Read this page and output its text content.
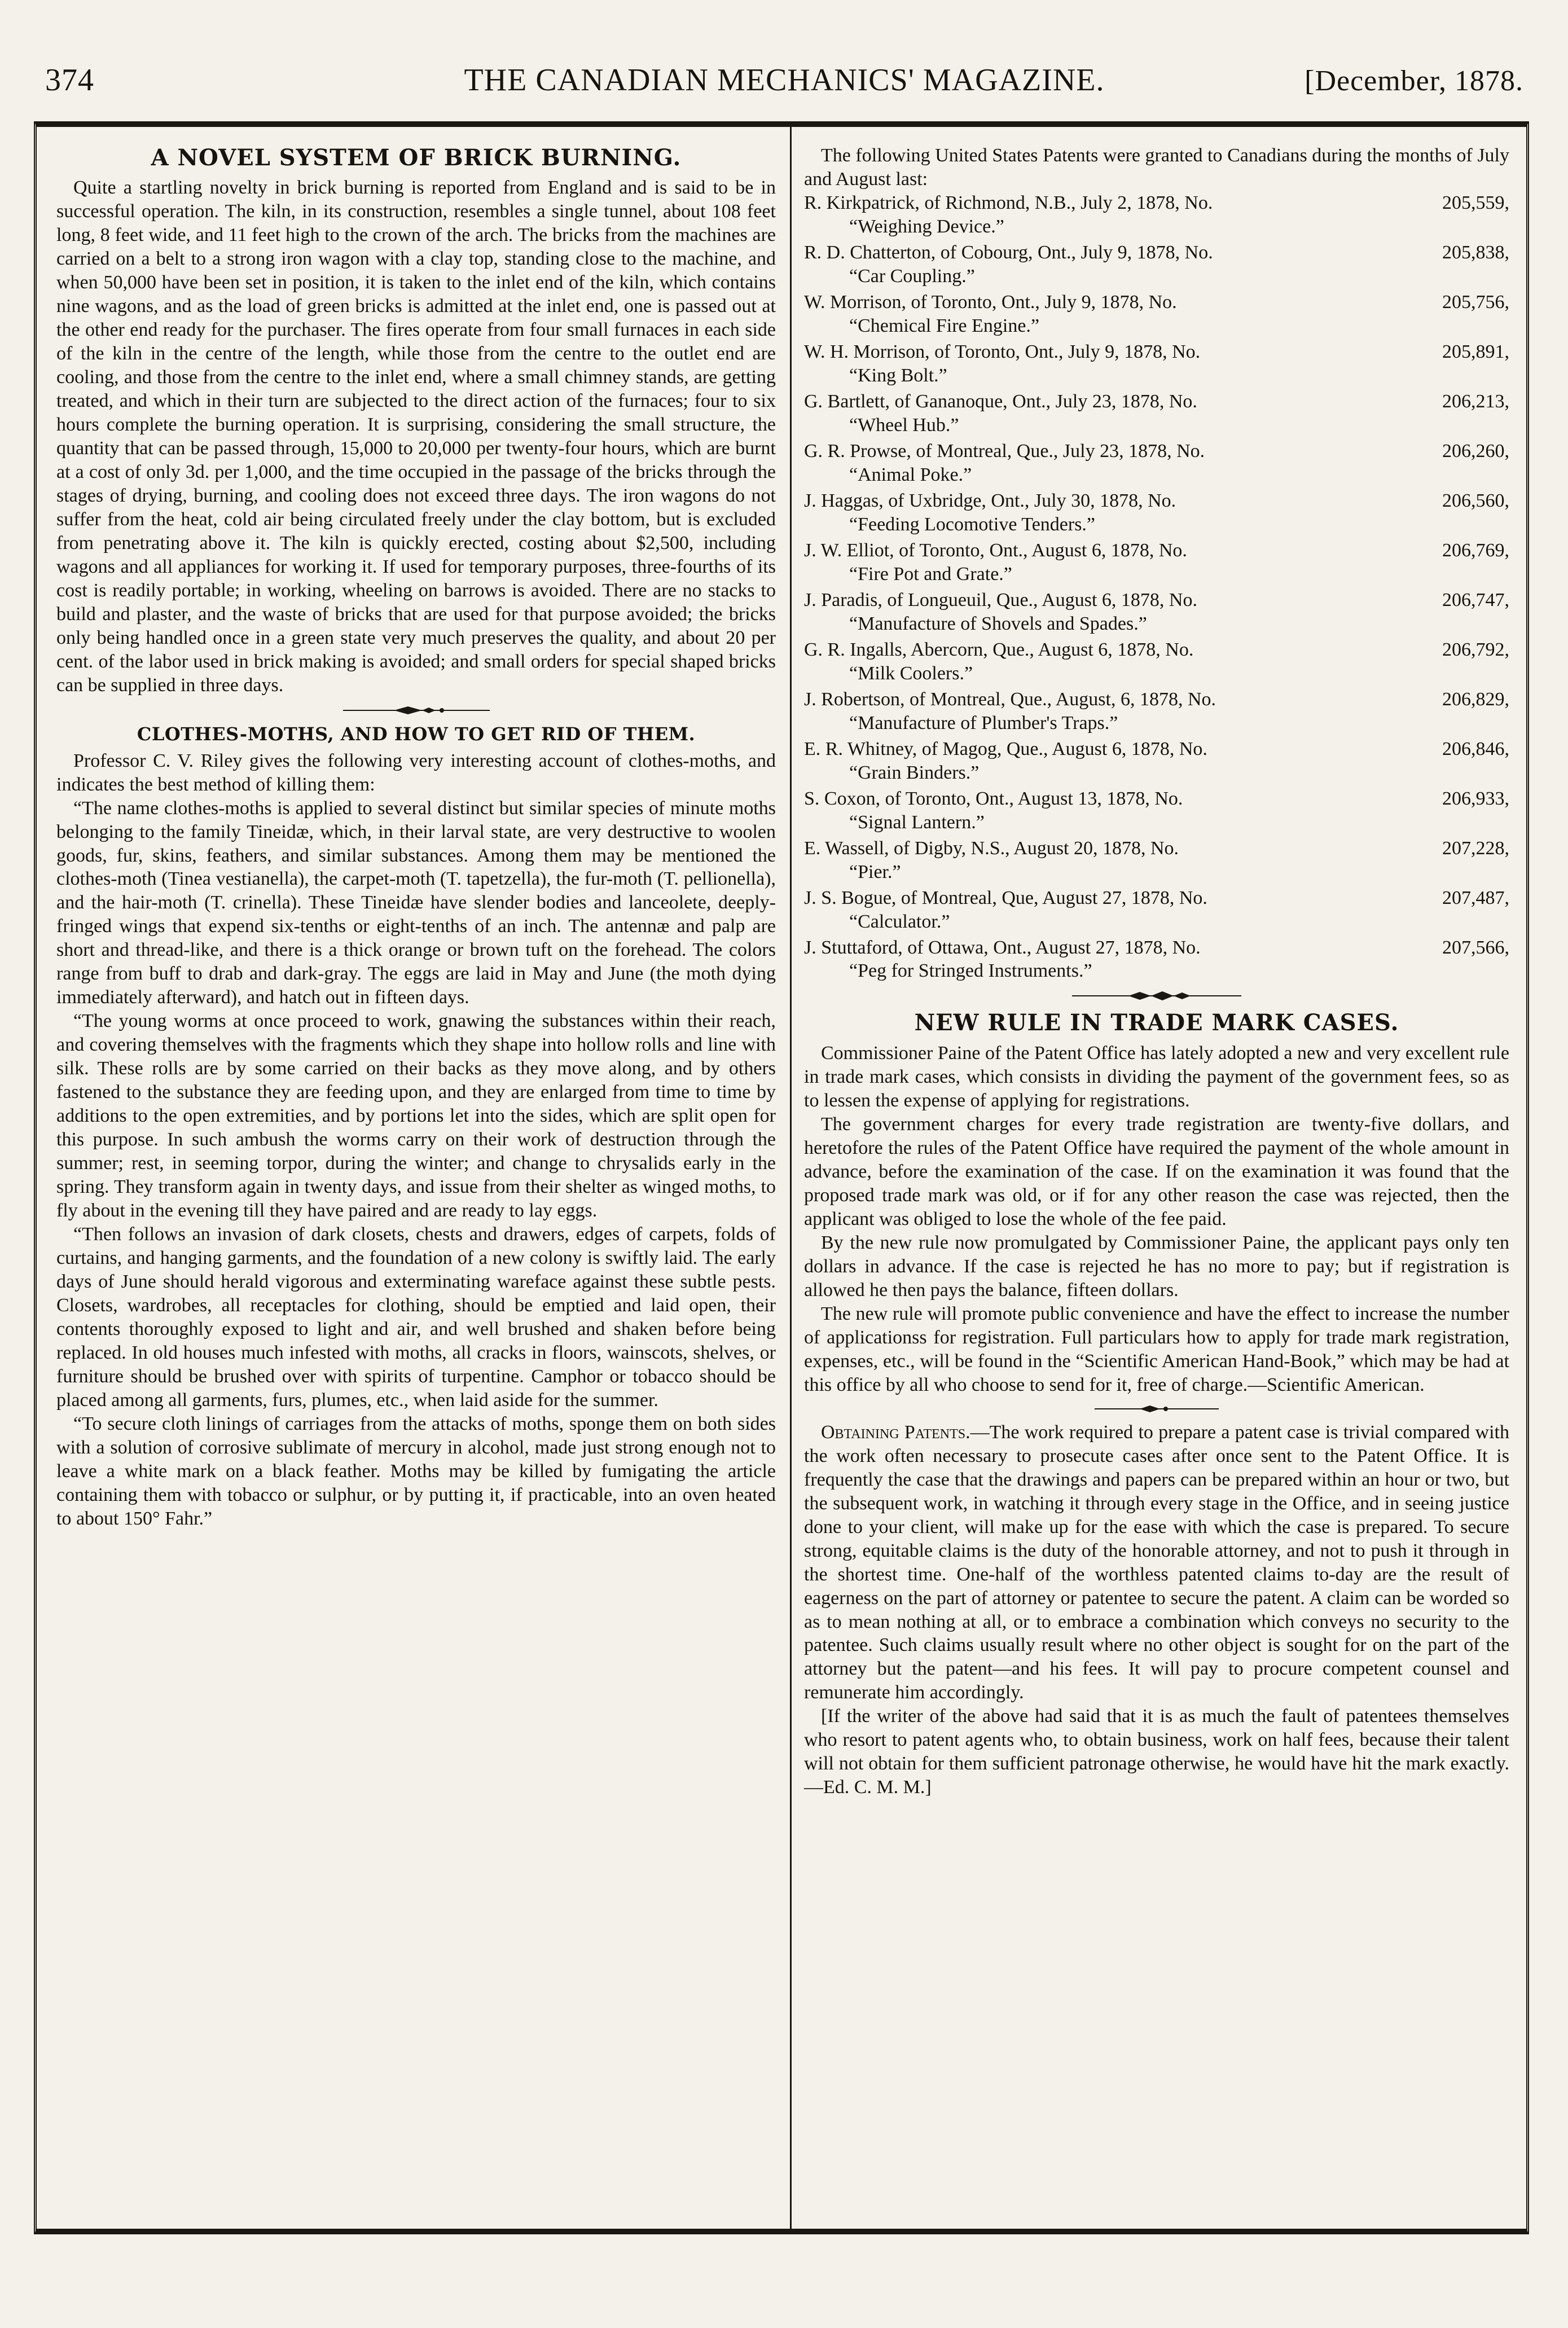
374	THE CANADIAN MECHANICS' MAGAZINE.	[December, 1878.
A NOVEL SYSTEM OF BRICK BURNING.

Quite a startling novelty in brick burning is reported from England and is said to be in successful operation. The kiln, in its construction, resembles a single tunnel, about 108 feet long, 8 feet wide, and 11 feet high to the crown of the arch. The bricks from the machines are carried on a belt to a strong iron wagon with a clay top, standing close to the machine, and when 50,000 have been set in position, it is taken to the inlet end of the kiln, which contains nine wagons, and as the load of green bricks is admitted at the inlet end, one is passed out at the other end ready for the purchaser. The fires operate from four small furnaces in each side of the kiln in the centre of the length, while those from the centre to the outlet end are cooling, and those from the centre to the inlet end, where a small chimney stands, are getting treated, and which in their turn are subjected to the direct action of the furnaces; four to six hours complete the burning operation. It is surprising, considering the small structure, the quantity that can be passed through, 15,000 to 20,000 per twenty-four hours, which are burnt at a cost of only 3d. per 1,000, and the time occupied in the passage of the bricks through the stages of drying, burning, and cooling does not exceed three days. The iron wagons do not suffer from the heat, cold air being circulated freely under the clay bottom, but is excluded from penetrating above it. The kiln is quickly erected, costing about $2,500, including wagons and all appliances for working it. If used for temporary purposes, three-fourths of its cost is readily portable; in working, wheeling on barrows is avoided. There are no stacks to build and plaster, and the waste of bricks that are used for that purpose avoided; the bricks only being handled once in a green state very much preserves the quality, and about 20 per cent. of the labor used in brick making is avoided; and small orders for special shaped bricks can be supplied in three days.

CLOTHES-MOTHS, AND HOW TO GET RID OF THEM.

Professor C. V. Riley gives the following very interesting account of clothes-moths, and indicates the best method of killing them:

“The name clothes-moths is applied to several distinct but similar species of minute moths belonging to the family Tineidæ, which, in their larval state, are very destructive to woolen goods, fur, skins, feathers, and similar substances. Among them may be mentioned the clothes-moth (Tinea vestianella), the carpet-moth (T. tapetzella), the fur-moth (T. pellionella), and the hair-moth (T. crinella). These Tineidæ have slender bodies and lanceolete, deeply-fringed wings that expend six-tenths or eight-tenths of an inch. The antennæ and palp are short and thread-like, and there is a thick orange or brown tuft on the forehead. The colors range from buff to drab and dark-gray. The eggs are laid in May and June (the moth dying immediately afterward), and hatch out in fifteen days.

“The young worms at once proceed to work, gnawing the substances within their reach, and covering themselves with the fragments which they shape into hollow rolls and line with silk. These rolls are by some carried on their backs as they move along, and by others fastened to the substance they are feeding upon, and they are enlarged from time to time by additions to the open extremities, and by portions let into the sides, which are split open for this purpose. In such ambush the worms carry on their work of destruction through the summer; rest, in seeming torpor, during the winter; and change to chrysalids early in the spring. They transform again in twenty days, and issue from their shelter as winged moths, to fly about in the evening till they have paired and are ready to lay eggs.

“Then follows an invasion of dark closets, chests and drawers, edges of carpets, folds of curtains, and hanging garments, and the foundation of a new colony is swiftly laid. The early days of June should herald vigorous and exterminating wareface against these subtle pests. Closets, wardrobes, all receptacles for clothing, should be emptied and laid open, their contents thoroughly exposed to light and air, and well brushed and shaken before being replaced. In old houses much infested with moths, all cracks in floors, wainscots, shelves, or furniture should be brushed over with spirits of turpentine. Camphor or tobacco should be placed among all garments, furs, plumes, etc., when laid aside for the summer.

“To secure cloth linings of carriages from the attacks of moths, sponge them on both sides with a solution of corrosive sublimate of mercury in alcohol, made just strong enough not to leave a white mark on a black feather. Moths may be killed by fumigating the article containing them with tobacco or sulphur, or by putting it, if practicable, into an oven heated to about 150° Fahr.”

The following United States Patents were granted to Canadians during the months of July and August last:

205,559,
R. Kirkpatrick, of Richmond, N.B., July 2, 1878, No.
“Weighing Device.”
205,838,
R. D. Chatterton, of Cobourg, Ont., July 9, 1878, No.
“Car Coupling.”
205,756,
W. Morrison, of Toronto, Ont., July 9, 1878, No.
“Chemical Fire Engine.”
205,891,
W. H. Morrison, of Toronto, Ont., July 9, 1878, No.
“King Bolt.”
206,213,
G. Bartlett, of Gananoque, Ont., July 23, 1878, No.
“Wheel Hub.”
206,260,
G. R. Prowse, of Montreal, Que., July 23, 1878, No.
“Animal Poke.”
206,560,
J. Haggas, of Uxbridge, Ont., July 30, 1878, No.
“Feeding Locomotive Tenders.”
206,769,
J. W. Elliot, of Toronto, Ont., August 6, 1878, No.
“Fire Pot and Grate.”
206,747,
J. Paradis, of Longueuil, Que., August 6, 1878, No.
“Manufacture of Shovels and Spades.”
206,792,
G. R. Ingalls, Abercorn, Que., August 6, 1878, No.
“Milk Coolers.”
206,829,
J. Robertson, of Montreal, Que., August, 6, 1878, No.
“Manufacture of Plumber's Traps.”
206,846,
E. R. Whitney, of Magog, Que., August 6, 1878, No.
“Grain Binders.”
206,933,
S. Coxon, of Toronto, Ont., August 13, 1878, No.
“Signal Lantern.”
207,228,
E. Wassell, of Digby, N.S., August 20, 1878, No.
“Pier.”
207,487,
J. S. Bogue, of Montreal, Que, August 27, 1878, No.
“Calculator.”
207,566,
J. Stuttaford, of Ottawa, Ont., August 27, 1878, No.
“Peg for Stringed Instruments.”
NEW RULE IN TRADE MARK CASES.

Commissioner Paine of the Patent Office has lately adopted a new and very excellent rule in trade mark cases, which consists in dividing the payment of the government fees, so as to lessen the expense of applying for registrations.

The government charges for every trade registration are twenty-five dollars, and heretofore the rules of the Patent Office have required the payment of the whole amount in advance, before the examination of the case. If on the examination it was found that the proposed trade mark was old, or if for any other reason the case was rejected, then the applicant was obliged to lose the whole of the fee paid.

By the new rule now promulgated by Commissioner Paine, the applicant pays only ten dollars in advance. If the case is rejected he has no more to pay; but if registration is allowed he then pays the balance, fifteen dollars.

The new rule will promote public convenience and have the effect to increase the number of applicationss for registration. Full particulars how to apply for trade mark registration, expenses, etc., will be found in the “Scientific American Hand-Book,” which may be had at this office by all who choose to send for it, free of charge.—Scientific American.

Obtaining Patents.—The work required to prepare a patent case is trivial compared with the work often necessary to prosecute cases after once sent to the Patent Office. It is frequently the case that the drawings and papers can be prepared within an hour or two, but the subsequent work, in watching it through every stage in the Office, and in seeing justice done to your client, will make up for the ease with which the case is prepared. To secure strong, equitable claims is the duty of the honorable attorney, and not to push it through in the shortest time. One-half of the worthless patented claims to-day are the result of eagerness on the part of attorney or patentee to secure the patent. A claim can be worded so as to mean nothing at all, or to embrace a combination which conveys no security to the patentee. Such claims usually result where no other object is sought for on the part of the attorney but the patent—and his fees. It will pay to procure competent counsel and remunerate him accordingly.

[If the writer of the above had said that it is as much the fault of patentees themselves who resort to patent agents who, to obtain business, work on half fees, because their talent will not obtain for them sufficient patronage otherwise, he would have hit the mark exactly.—Ed. C. M. M.]
